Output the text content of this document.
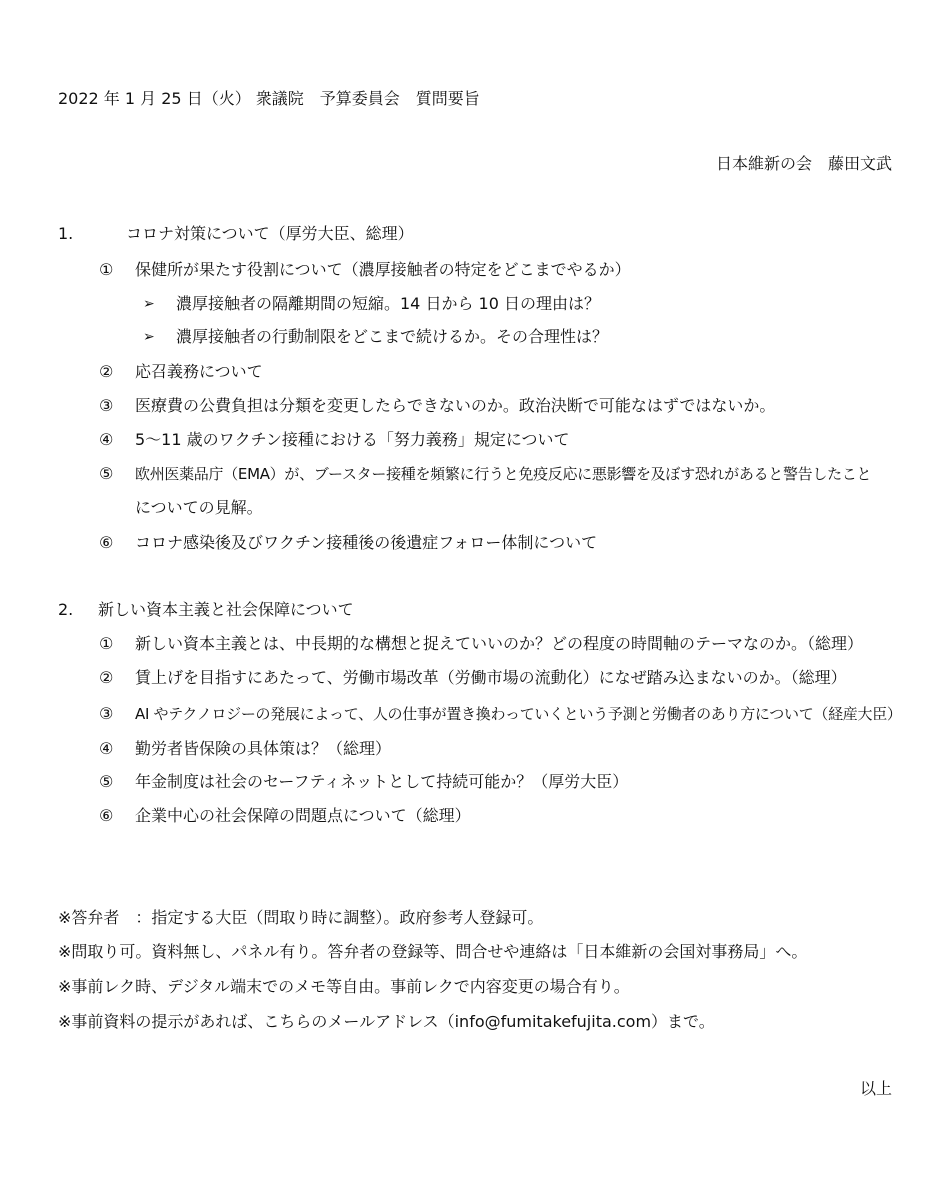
2022 年 1 月 25 日（火） 衆議院　予算委員会　質問要旨
日本維新の会　藤田文武
1.	コロナ対策について（厚労大臣、総理）
①	保健所が果たす役割について（濃厚接触者の特定をどこまでやるか）
➢	濃厚接触者の隔離期間の短縮。14 日から 10 日の理由は？
➢	濃厚接触者の行動制限をどこまで続けるか。その合理性は？
②	応召義務について
③	医療費の公費負担は分類を変更したらできないのか。政治決断で可能なはずではないか。
④	5～11 歳のワクチン接種における「努力義務」規定について
⑤	欧州医薬品庁（EMA）が、ブースター接種を頻繁に行うと免疫反応に悪影響を及ぼす恐れがあると警告したこと
についての見解。
⑥	コロナ感染後及びワクチン接種後の後遺症フォロー体制について
2.	新しい資本主義と社会保障について
①	新しい資本主義とは、中長期的な構想と捉えていいのか？どの程度の時間軸のテーマなのか。（総理）
②	賃上げを目指すにあたって、労働市場改革（労働市場の流動化）になぜ踏み込まないのか。（総理）
③	AI やテクノロジーの発展によって、人の仕事が置き換わっていくという予測と労働者のあり方について（経産大臣）
④	勤労者皆保険の具体策は？（総理）
⑤	年金制度は社会のセーフティネットとして持続可能か？（厚労大臣）
⑥	企業中心の社会保障の問題点について（総理）
※答弁者　：指定する大臣（問取り時に調整）。政府参考人登録可。
※問取り可。資料無し、パネル有り。答弁者の登録等、問合せや連絡は「日本維新の会国対事務局」へ。
※事前レク時、デジタル端末でのメモ等自由。事前レクで内容変更の場合有り。
※事前資料の提示があれば、こちらのメールアドレス（info@fumitakefujita.com）まで。
以上
